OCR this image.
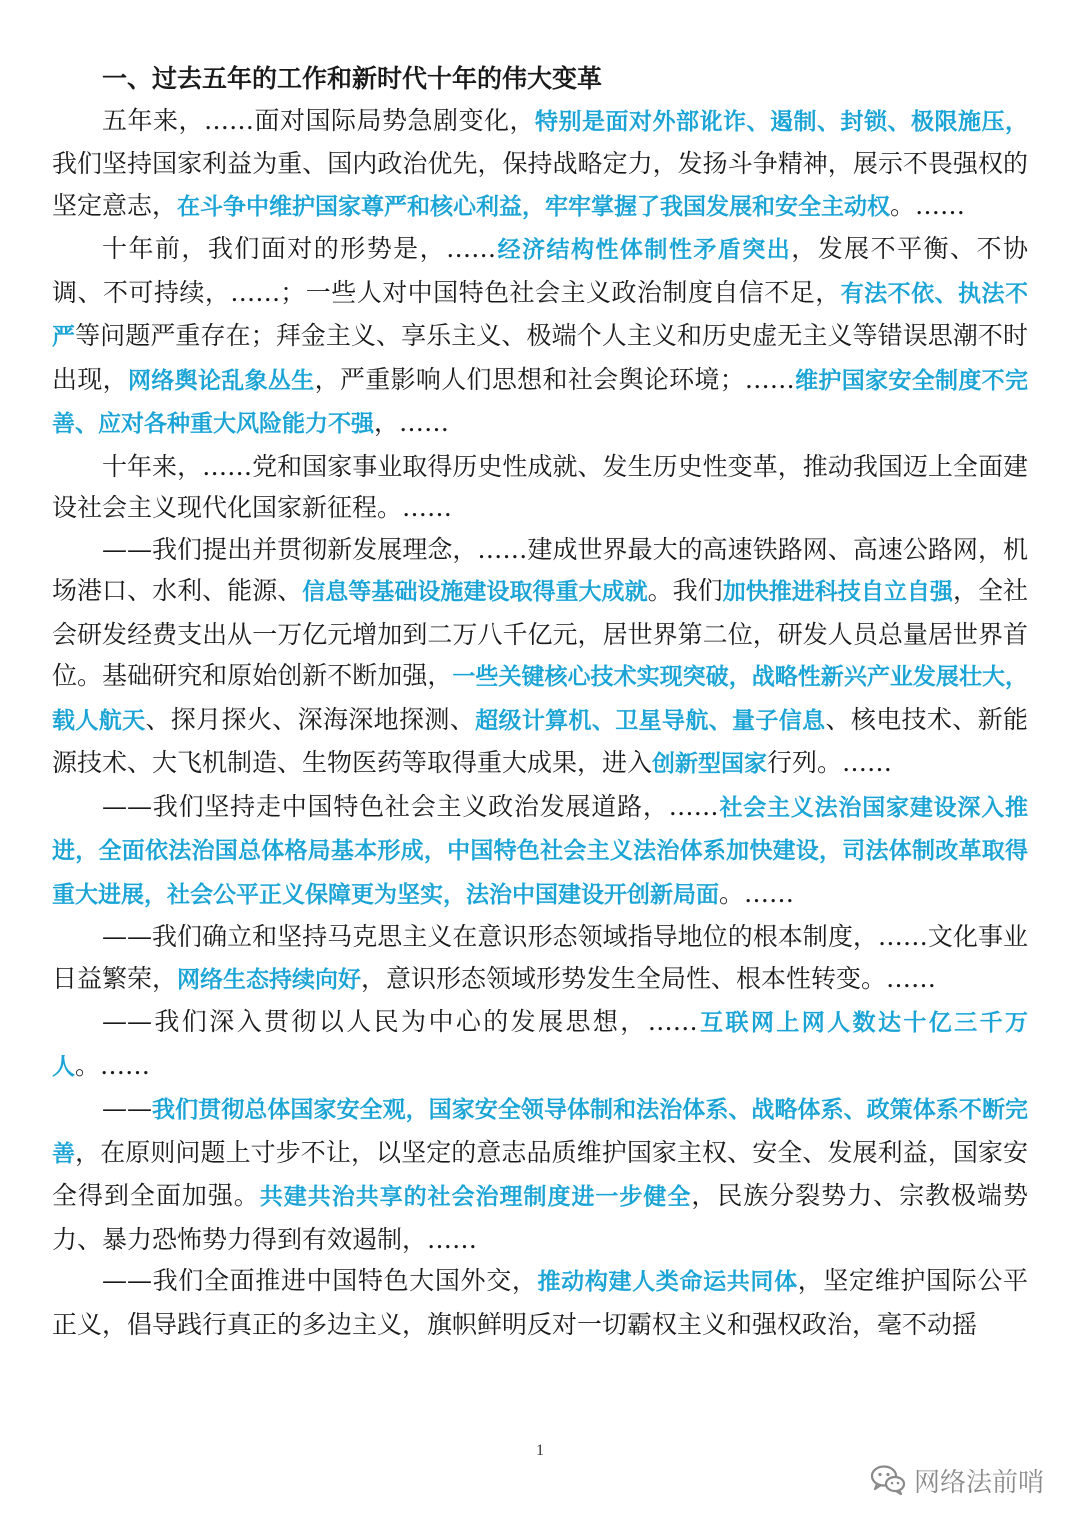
一、过去五年的工作和新时代十年的伟大变革

五年来，……面对国际局势急剧变化，特别是面对外部讹诈、遏制、封锁、极限施压，我们坚持国家利益为重、国内政治优先，保持战略定力，发扬斗争精神，展示不畏强权的坚定意志，在斗争中维护国家尊严和核心利益，牢牢掌握了我国发展和安全主动权。……

十年前，我们面对的形势是，……经济结构性体制性矛盾突出，发展不平衡、不协调、不可持续，……；一些人对中国特色社会主义政治制度自信不足，有法不依、执法不严等问题严重存在；拜金主义、享乐主义、极端个人主义和历史虚无主义等错误思潮不时出现，网络舆论乱象丛生，严重影响人们思想和社会舆论环境；……维护国家安全制度不完善、应对各种重大风险能力不强，……

十年来，……党和国家事业取得历史性成就、发生历史性变革，推动我国迈上全面建设社会主义现代化国家新征程。……

——我们提出并贯彻新发展理念，……建成世界最大的高速铁路网、高速公路网，机场港口、水利、能源、信息等基础设施建设取得重大成就。我们加快推进科技自立自强，全社会研发经费支出从一万亿元增加到二万八千亿元，居世界第二位，研发人员总量居世界首位。基础研究和原始创新不断加强，一些关键核心技术实现突破，战略性新兴产业发展壮大，载人航天、探月探火、深海深地探测、超级计算机、卫星导航、量子信息、核电技术、新能源技术、大飞机制造、生物医药等取得重大成果，进入创新型国家行列。……

——我们坚持走中国特色社会主义政治发展道路，……社会主义法治国家建设深入推进，全面依法治国总体格局基本形成，中国特色社会主义法治体系加快建设，司法体制改革取得重大进展，社会公平正义保障更为坚实，法治中国建设开创新局面。……

——我们确立和坚持马克思主义在意识形态领域指导地位的根本制度，……文化事业日益繁荣，网络生态持续向好，意识形态领域形势发生全局性、根本性转变。……

——我们深入贯彻以人民为中心的发展思想，……互联网上网人数达十亿三千万人。……

——我们贯彻总体国家安全观，国家安全领导体制和法治体系、战略体系、政策体系不断完善，在原则问题上寸步不让，以坚定的意志品质维护国家主权、安全、发展利益，国家安全得到全面加强。共建共治共享的社会治理制度进一步健全，民族分裂势力、宗教极端势力、暴力恐怖势力得到有效遏制，……

——我们全面推进中国特色大国外交，推动构建人类命运共同体，坚定维护国际公平正义，倡导践行真正的多边主义，旗帜鲜明反对一切霸权主义和强权政治，毫不动摇

1
网络法前哨
